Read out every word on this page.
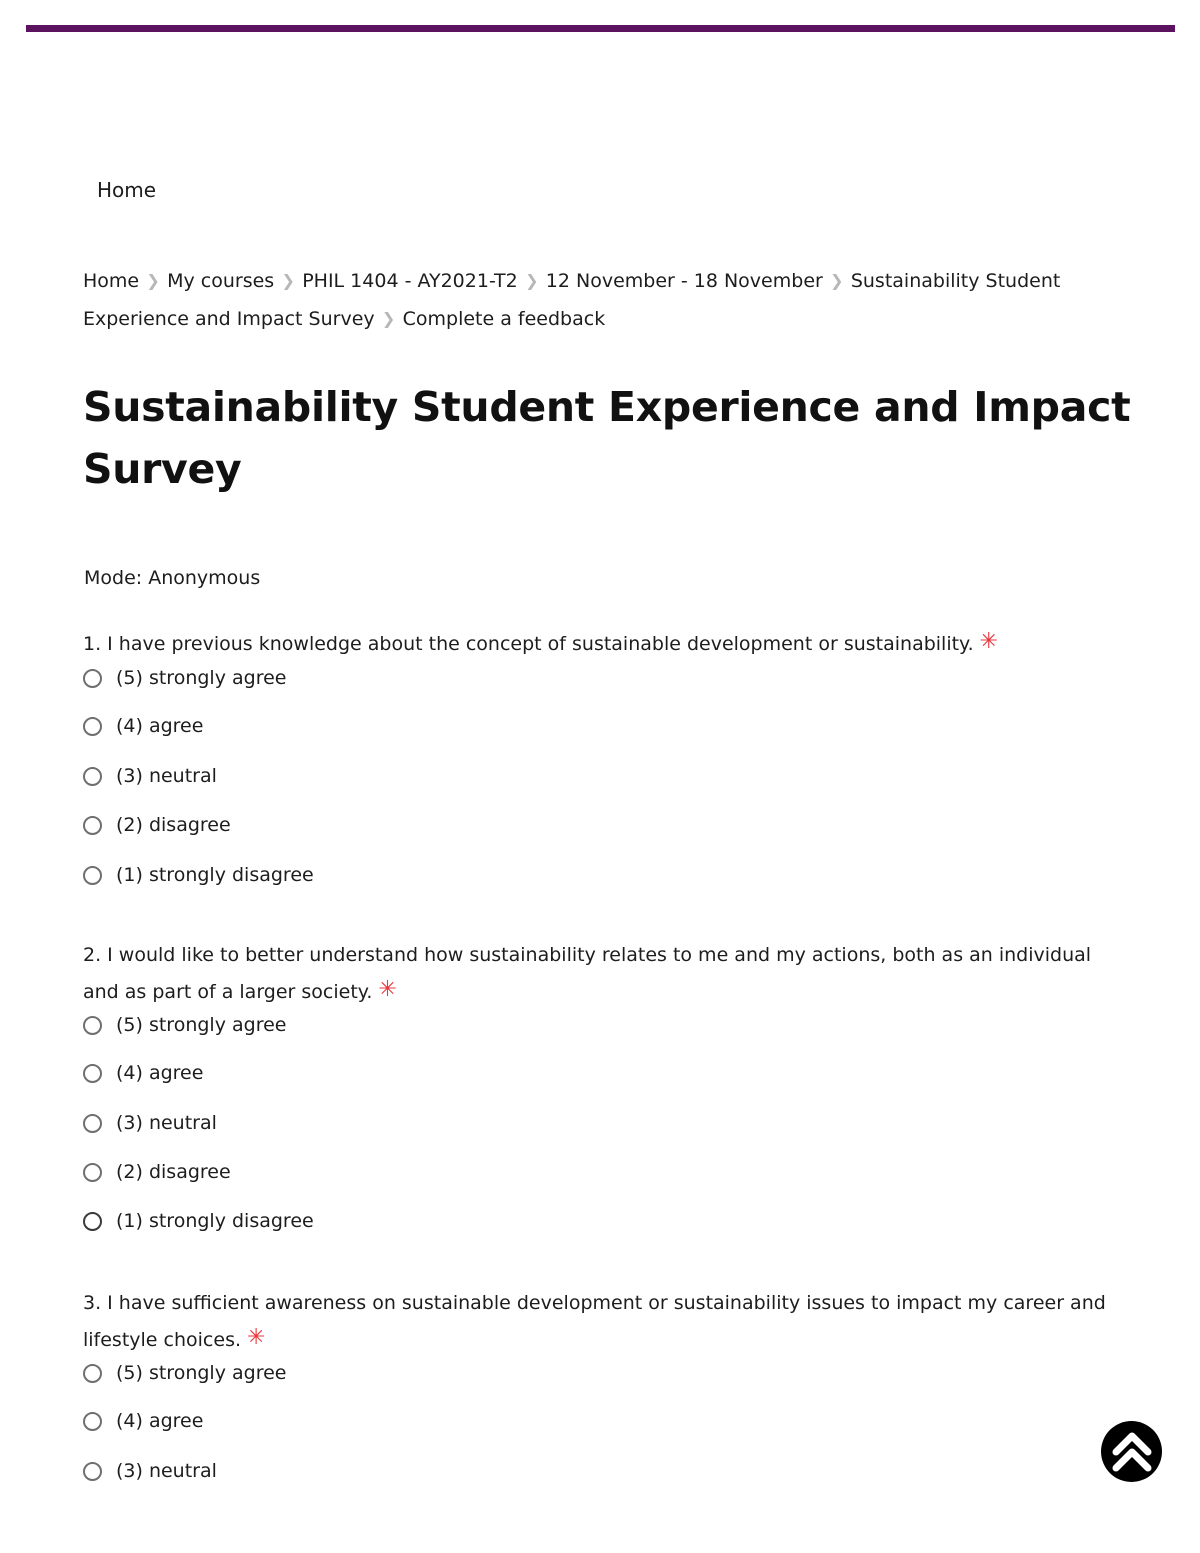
Home
Home ❯ My courses ❯ PHIL 1404 - AY2021-T2 ❯ 12 November - 18 November ❯ Sustainability Student Experience and Impact Survey ❯ Complete a feedback
Sustainability Student Experience and Impact Survey
Mode: Anonymous
1. I have previous knowledge about the concept of sustainable development or sustainability. ✳
(5) strongly agree
(4) agree
(3) neutral
(2) disagree
(1) strongly disagree
2. I would like to better understand how sustainability relates to me and my actions, both as an individual and as part of a larger society. ✳
(5) strongly agree
(4) agree
(3) neutral
(2) disagree
(1) strongly disagree
3. I have sufficient awareness on sustainable development or sustainability issues to impact my career and lifestyle choices. ✳
(5) strongly agree
(4) agree
(3) neutral
